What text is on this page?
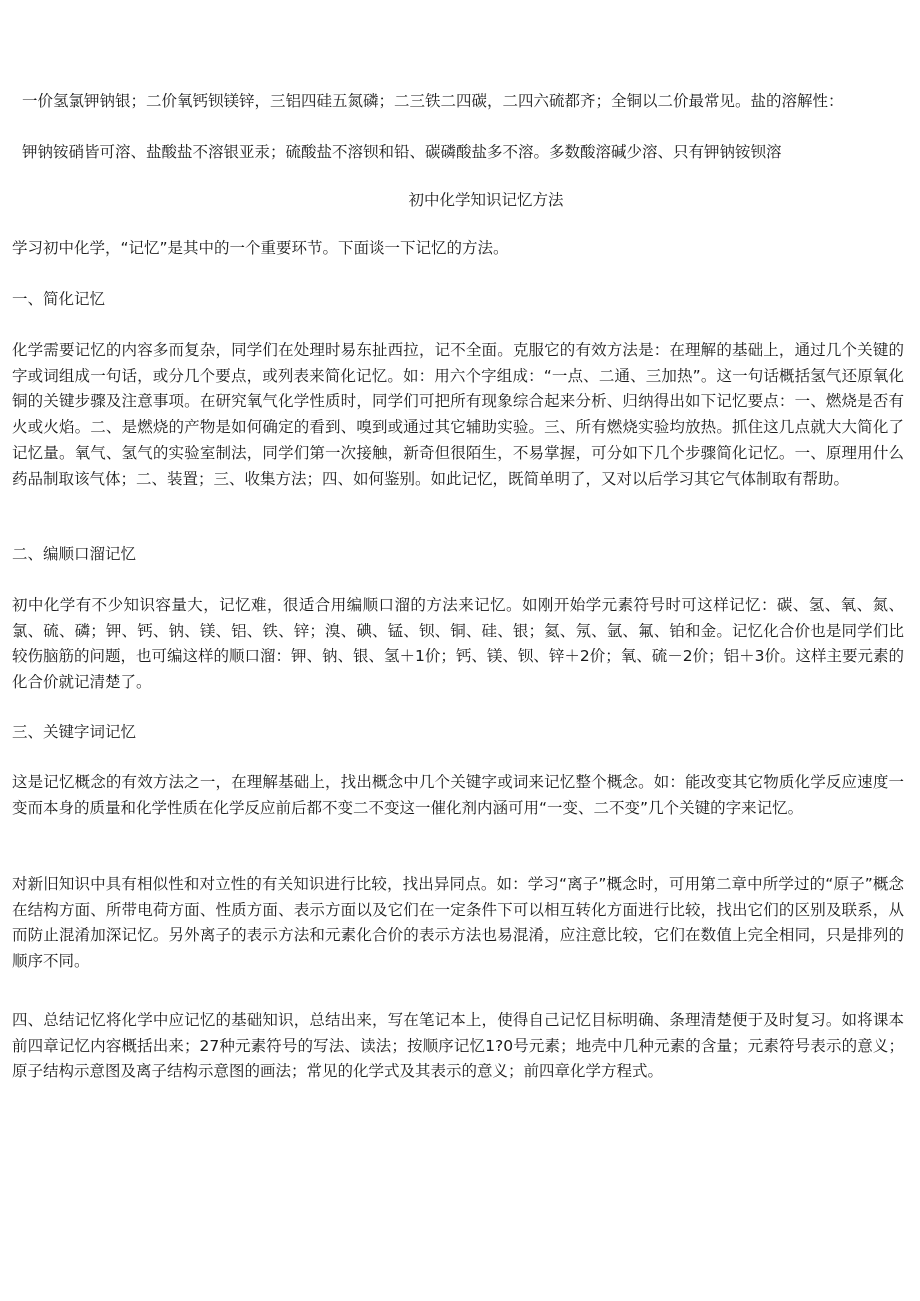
一价氢氯钾钠银；二价氧钙钡镁锌，三铝四硅五氮磷；二三铁二四碳，二四六硫都齐；全铜以二价最常见。盐的溶解性：
钾钠铵硝皆可溶、盐酸盐不溶银亚汞；硫酸盐不溶钡和铅、碳磷酸盐多不溶。多数酸溶碱少溶、只有钾钠铵钡溶
初中化学知识记忆方法

学习初中化学，“记忆”是其中的一个重要环节。下面谈一下记忆的方法。

一、简化记忆

化学需要记忆的内容多而复杂，同学们在处理时易东扯西拉，记不全面。克服它的有效方法是：在理解的基础上，通过几个关键的字或词组成一句话，或分几个要点，或列表来简化记忆。如：用六个字组成：“一点、二通、三加热”。这一句话概括氢气还原氧化铜的关键步骤及注意事项。在研究氧气化学性质时，同学们可把所有现象综合起来分析、归纳得出如下记忆要点：一、燃烧是否有火或火焰。二、是燃烧的产物是如何确定的看到、嗅到或通过其它辅助实验。三、所有燃烧实验均放热。抓住这几点就大大简化了记忆量。氧气、氢气的实验室制法，同学们第一次接触，新奇但很陌生，不易掌握，可分如下几个步骤简化记忆。一、原理用什么药品制取该气体；二、装置；三、收集方法；四、如何鉴别。如此记忆，既简单明了，又对以后学习其它气体制取有帮助。

二、编顺口溜记忆

初中化学有不少知识容量大，记忆难，很适合用编顺口溜的方法来记忆。如刚开始学元素符号时可这样记忆：碳、氢、氧、氮、氯、硫、磷；钾、钙、钠、镁、铝、铁、锌；溴、碘、锰、钡、铜、硅、银；氦、氖、氩、氟、铂和金。记忆化合价也是同学们比较伤脑筋的问题，也可编这样的顺口溜：钾、钠、银、氢＋1价；钙、镁、钡、锌＋2价；氧、硫－2价；铝＋3价。这样主要元素的化合价就记清楚了。

三、关键字词记忆

这是记忆概念的有效方法之一，在理解基础上，找出概念中几个关键字或词来记忆整个概念。如：能改变其它物质化学反应速度一变而本身的质量和化学性质在化学反应前后都不变二不变这一催化剂内涵可用“一变、二不变”几个关键的字来记忆。

对新旧知识中具有相似性和对立性的有关知识进行比较，找出异同点。如：学习“离子”概念时，可用第二章中所学过的“原子”概念在结构方面、所带电荷方面、性质方面、表示方面以及它们在一定条件下可以相互转化方面进行比较，找出它们的区别及联系，从而防止混淆加深记忆。另外离子的表示方法和元素化合价的表示方法也易混淆，应注意比较，它们在数值上完全相同，只是排列的顺序不同。

四、总结记忆将化学中应记忆的基础知识，总结出来，写在笔记本上，使得自己记忆目标明确、条理清楚便于及时复习。如将课本前四章记忆内容概括出来；27种元素符号的写法、读法；按顺序记忆1?0号元素；地壳中几种元素的含量；元素符号表示的意义；原子结构示意图及离子结构示意图的画法；常见的化学式及其表示的意义；前四章化学方程式。
